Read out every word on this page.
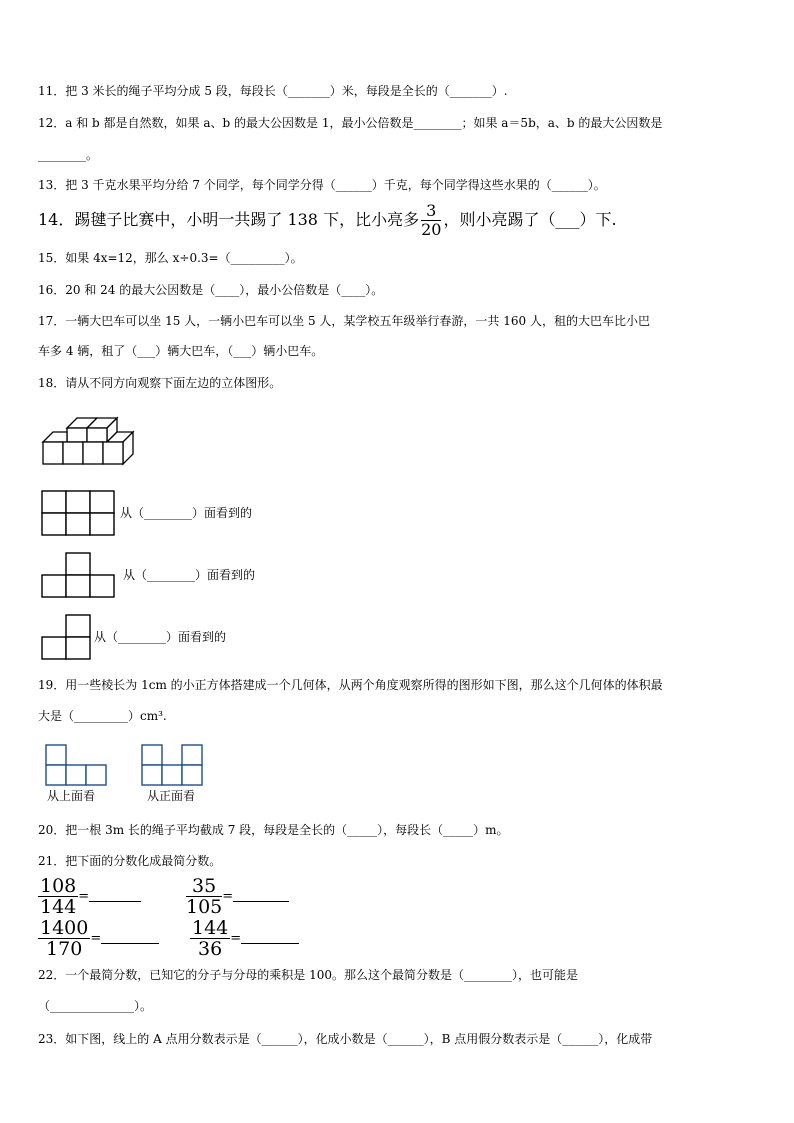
11．把 3 米长的绳子平均分成 5 段，每段长（_______）米，每段是全长的（_______）.
12．a 和 b 都是自然数，如果 a、b 的最大公因数是 1，最小公倍数是________；如果 a＝5b，a、b 的最大公因数是
________。
13．把 3 千克水果平均分给 7 个同学，每个同学分得（______）千克，每个同学得这些水果的（______）。
14．踢毽子比赛中，小明一共踢了 138 下，比小亮多 $\frac{3}{20}$ ，则小亮踢了（___）下.
15．如果 4x=12，那么 x÷0.3=（_________）。
16．20 和 24 的最大公因数是（____），最小公倍数是（____）。
17．一辆大巴车可以坐 15 人，一辆小巴车可以坐 5 人，某学校五年级举行春游，一共 160 人，租的大巴车比小巴
车多 4 辆，租了（___）辆大巴车，（___）辆小巴车。
18．请从不同方向观察下面左边的立体图形。
从（________）面看到的
从（________）面看到的
从（________）面看到的
19．用一些棱长为 1cm 的小正方体搭建成一个几何体，从两个角度观察所得的图形如下图，那么这个几何体的体积最
大是（_________）cm³.
从上面看	从正面看
20．把一根 3m 长的绳子平均截成 7 段，每段是全长的（_____），每段长（_____）m。
21．把下面的分数化成最简分数。
$\frac{108}{144}$ =	$\frac{35}{105}$ =
$\frac{1400}{170}$ =	$\frac{144}{36}$ =
22．一个最简分数，已知它的分子与分母的乘积是 100。那么这个最简分数是（________），也可能是
（______________）。
23．如下图，线上的 A 点用分数表示是（______），化成小数是（______），B 点用假分数表示是（______），化成带
